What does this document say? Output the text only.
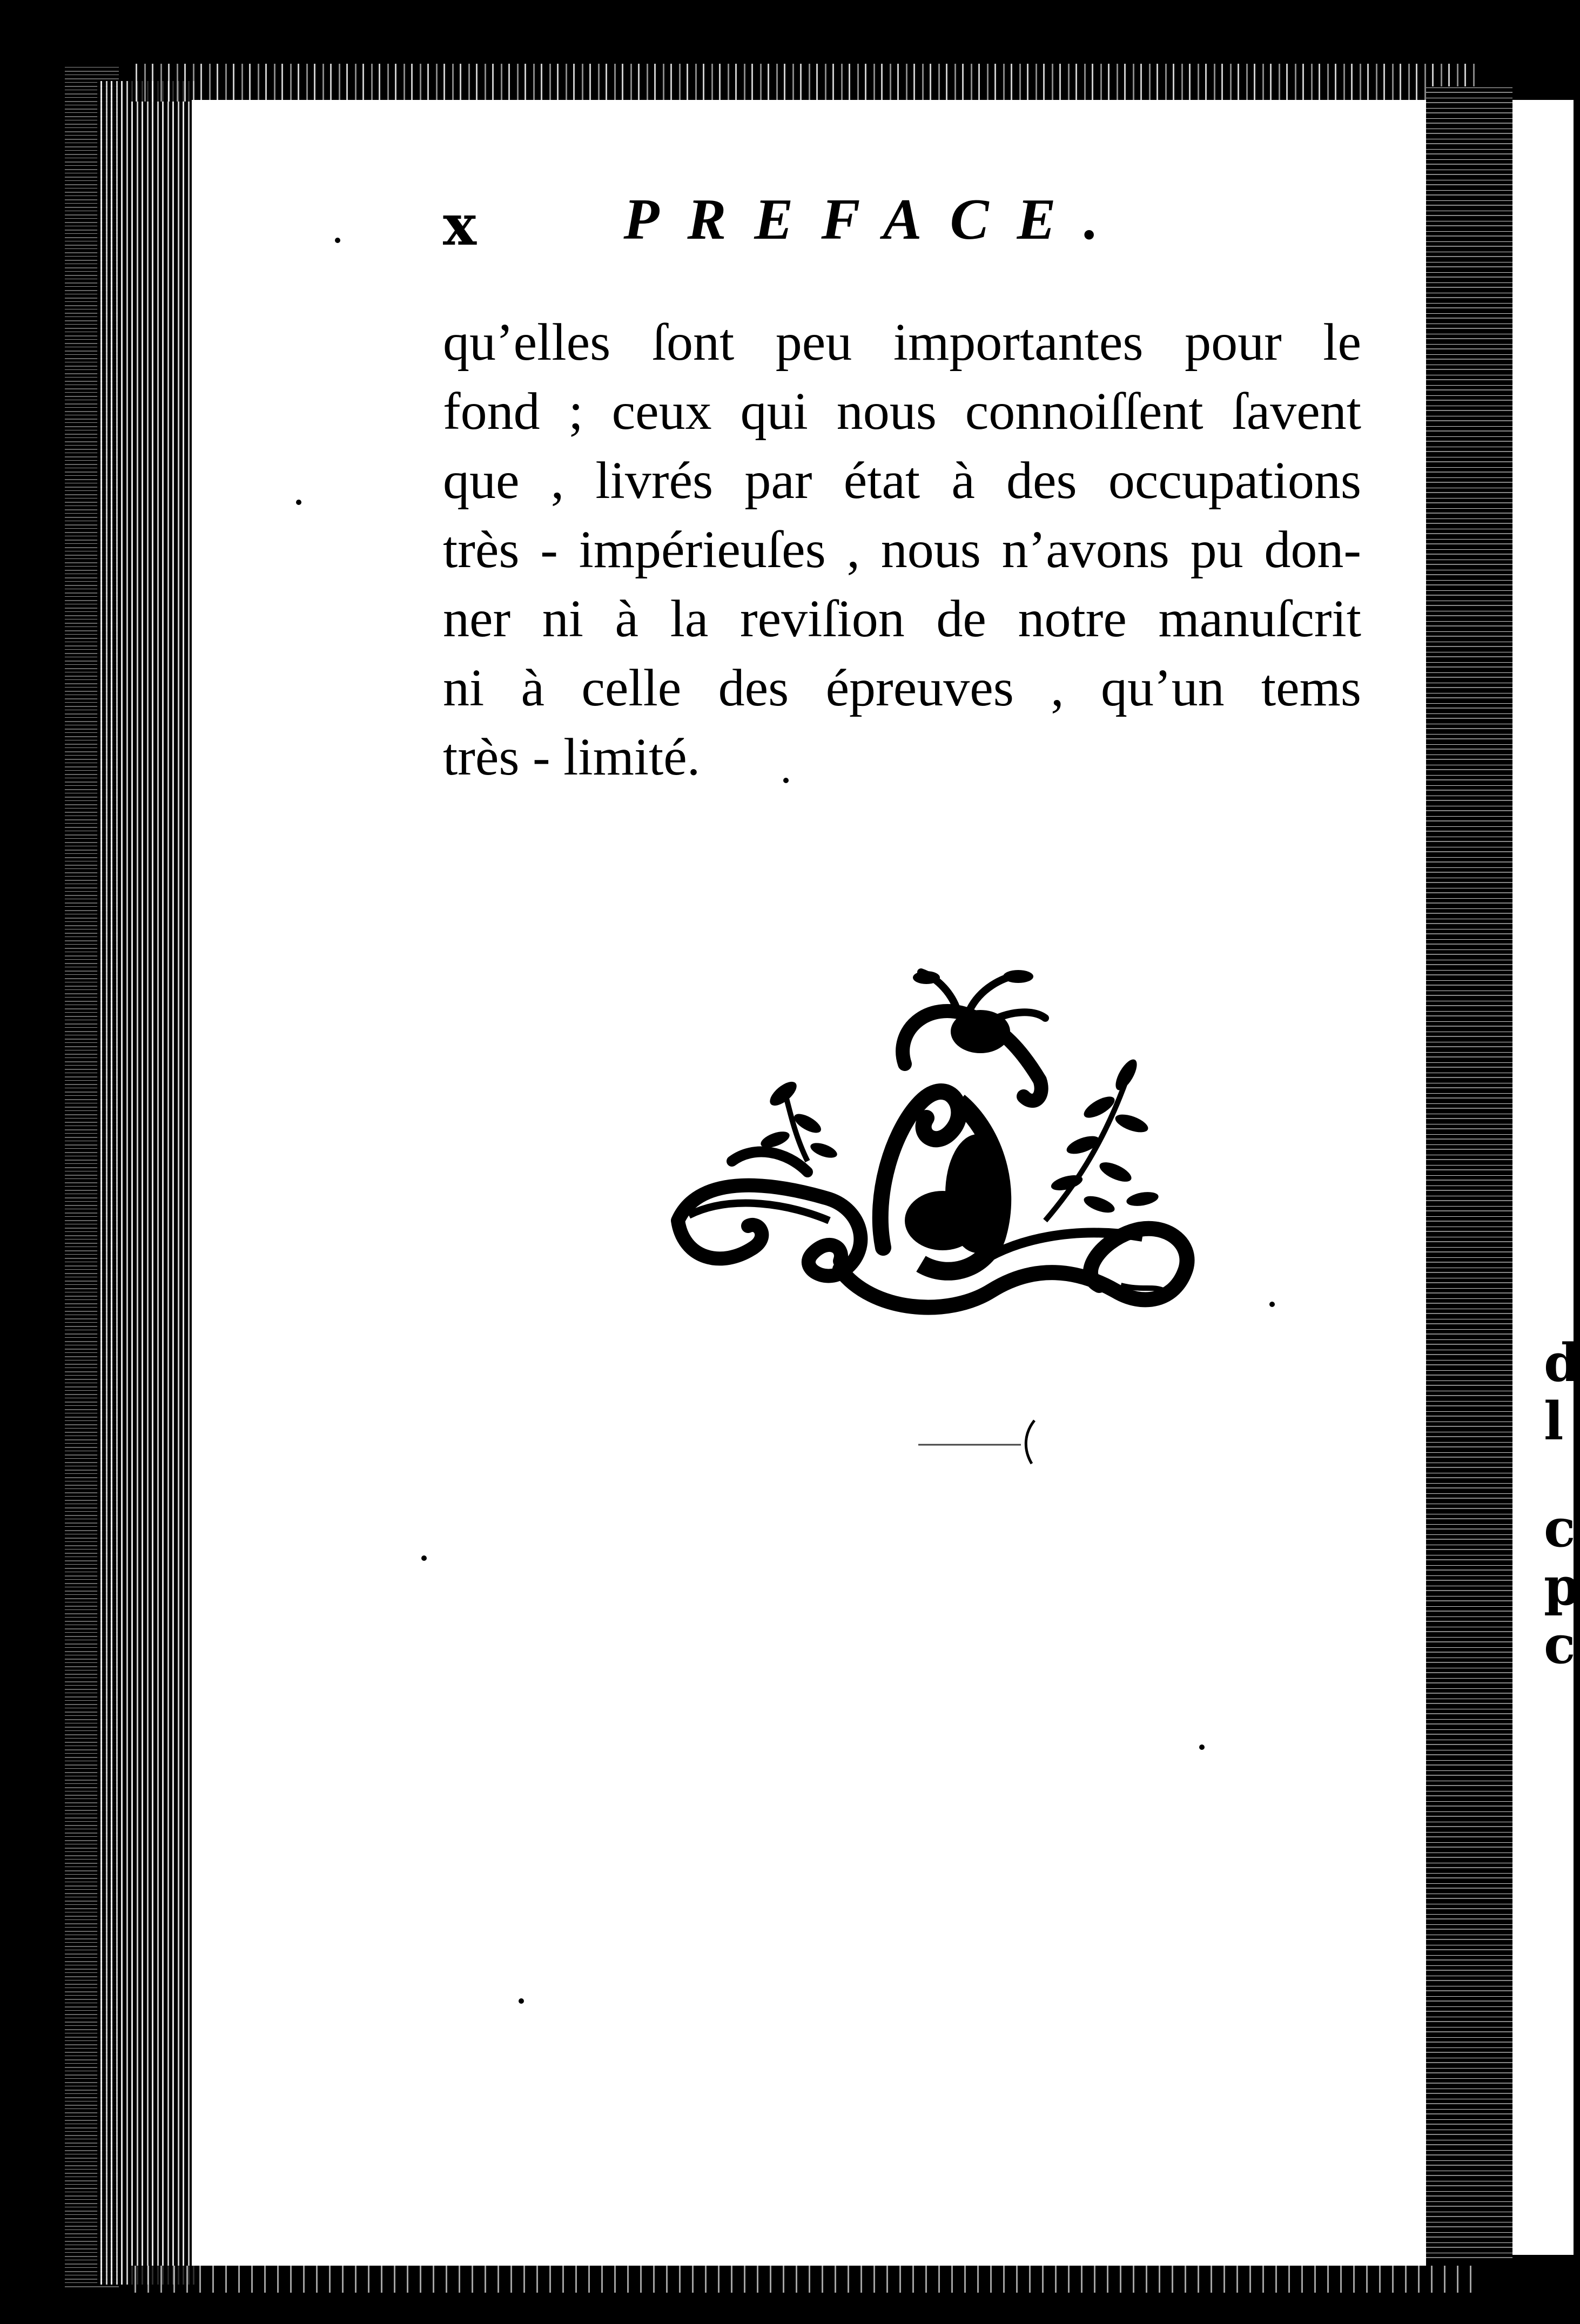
d
l
c
p
c
x	PREFACE.
qu’elles ſont peu importantes pour le
fond ; ceux qui nous connoiſſent ſavent
que , livrés par état à des occupations
très - impérieuſes , nous n’avons pu don-
ner ni à la reviſion de notre manuſcrit
ni à celle des épreuves , qu’un tems
très - limité.
